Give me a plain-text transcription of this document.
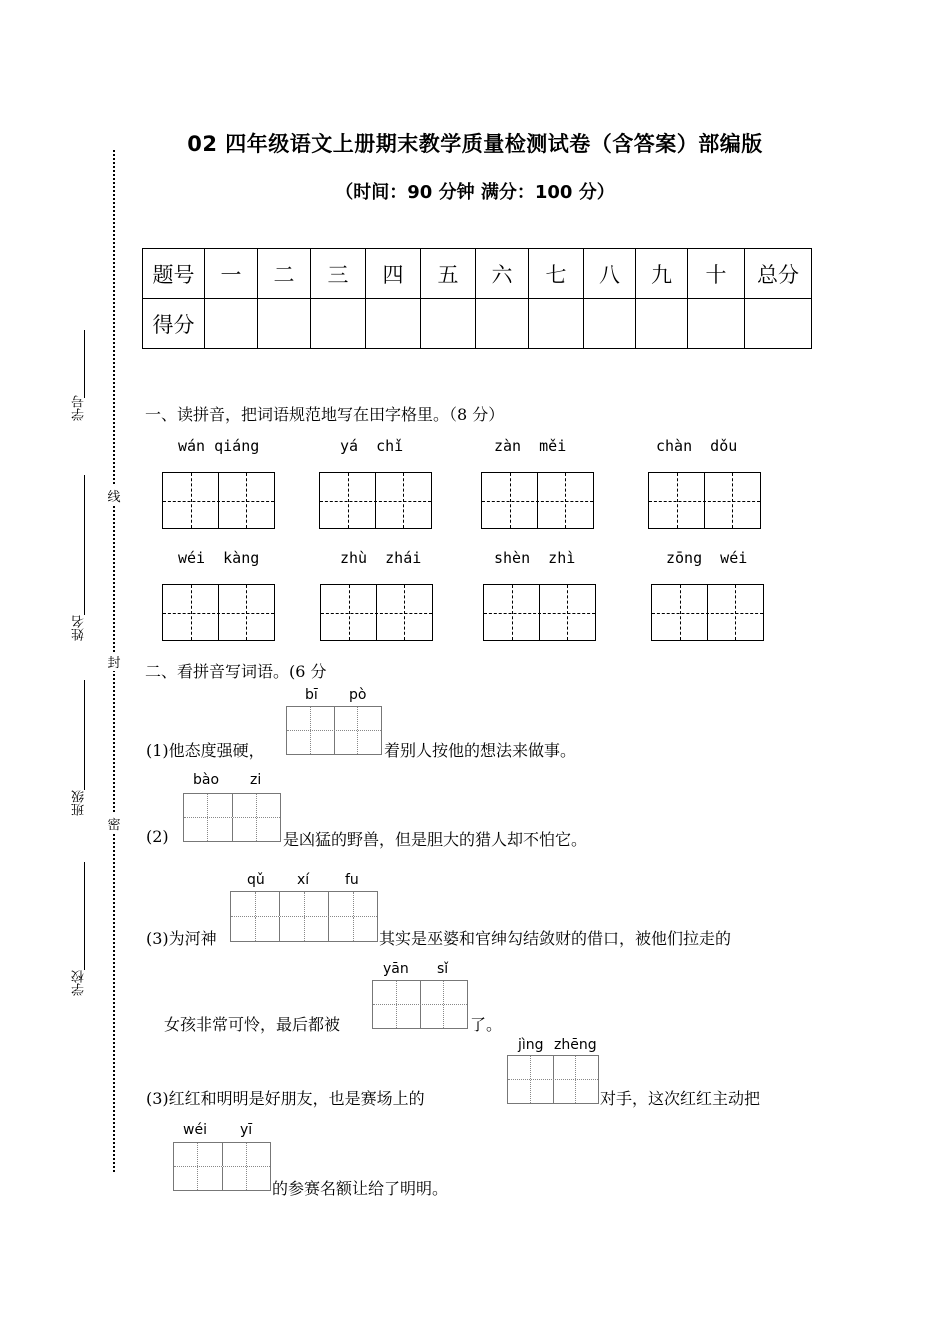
线
封
密
学号
姓名
班级
学校
02 四年级语文上册期末教学质量检测试卷（含答案）部编版
（时间：90 分钟 满分：100 分）
题号	一	二	三	四	五	六	七	八	九	十	总分
得分											
一、读拼音，把词语规范地写在田字格里。（8 分）
wán qiáng	yá  chǐ	zàn  měi	chàn  dǒu
wéi  kàng	zhù  zhái	shèn  zhì	zōng  wéi
二、看拼音写词语。(6 分
bī pò
(1)他态度强硬，	着别人按他的想法来做事。
bào zi
(2)	是凶猛的野兽，但是胆大的猎人却不怕它。
qǔ xí	fu
(3)为河神	其实是巫婆和官绅勾结敛财的借口，被他们拉走的
yān sǐ
女孩非常可怜，最后都被	了。
jìng zhēng
(3)红红和明明是好朋友，也是赛场上的	对手，这次红红主动把
wéi yī
的参赛名额让给了明明。
